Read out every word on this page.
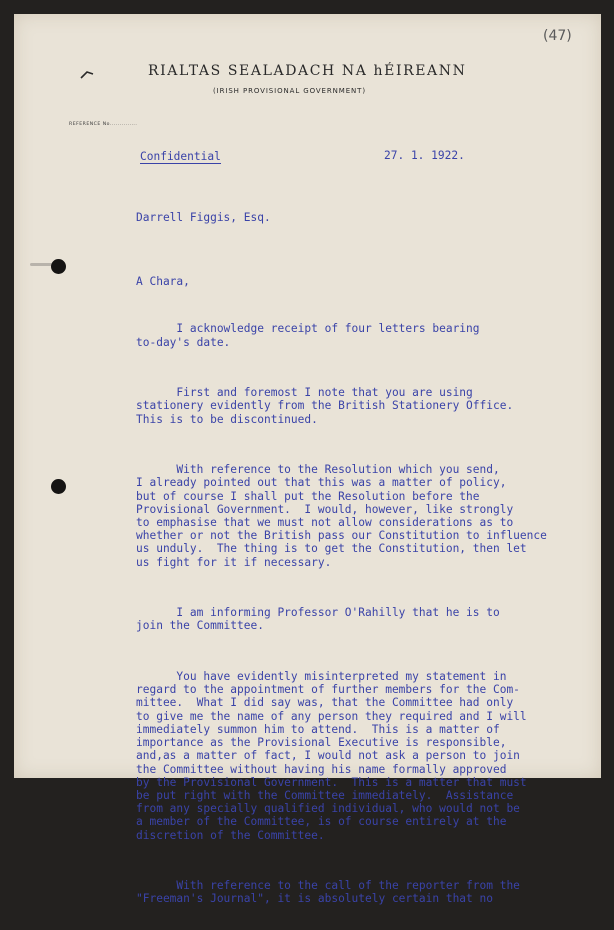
(47)
RIALTAS SEALADACH NA hÉIREANN
(IRISH PROVISIONAL GOVERNMENT)
REFERENCE No..............
Confidential	27. 1. 1922.
Darrell Figgis, Esq.
A Chara,

I acknowledge receipt of four letters bearing
to-day's date.

First and foremost I note that you are using
stationery evidently from the British Stationery Office.
This is to be discontinued.

With reference to the Resolution which you send,
I already pointed out that this was a matter of policy,
but of course I shall put the Resolution before the
Provisional Government.  I would, however, like strongly
to emphasise that we must not allow considerations as to
whether or not the British pass our Constitution to influence
us unduly.  The thing is to get the Constitution, then let
us fight for it if necessary.

I am informing Professor O'Rahilly that he is to
join the Committee.

You have evidently misinterpreted my statement in
regard to the appointment of further members for the Com-
mittee.  What I did say was, that the Committee had only
to give me the name of any person they required and I will
immediately summon him to attend.  This is a matter of
importance as the Provisional Executive is responsible,
and,as a matter of fact, I would not ask a person to join
the Committee without having his name formally approved
by the Provisional Government.  This is a matter that must
be put right with the Committee immediately.  Assistance
from any specially qualified individual, who would not be
a member of the Committee, is of course entirely at the
discretion of the Committee.

With reference to the call of the reporter from the
"Freeman's Journal", it is absolutely certain that no
